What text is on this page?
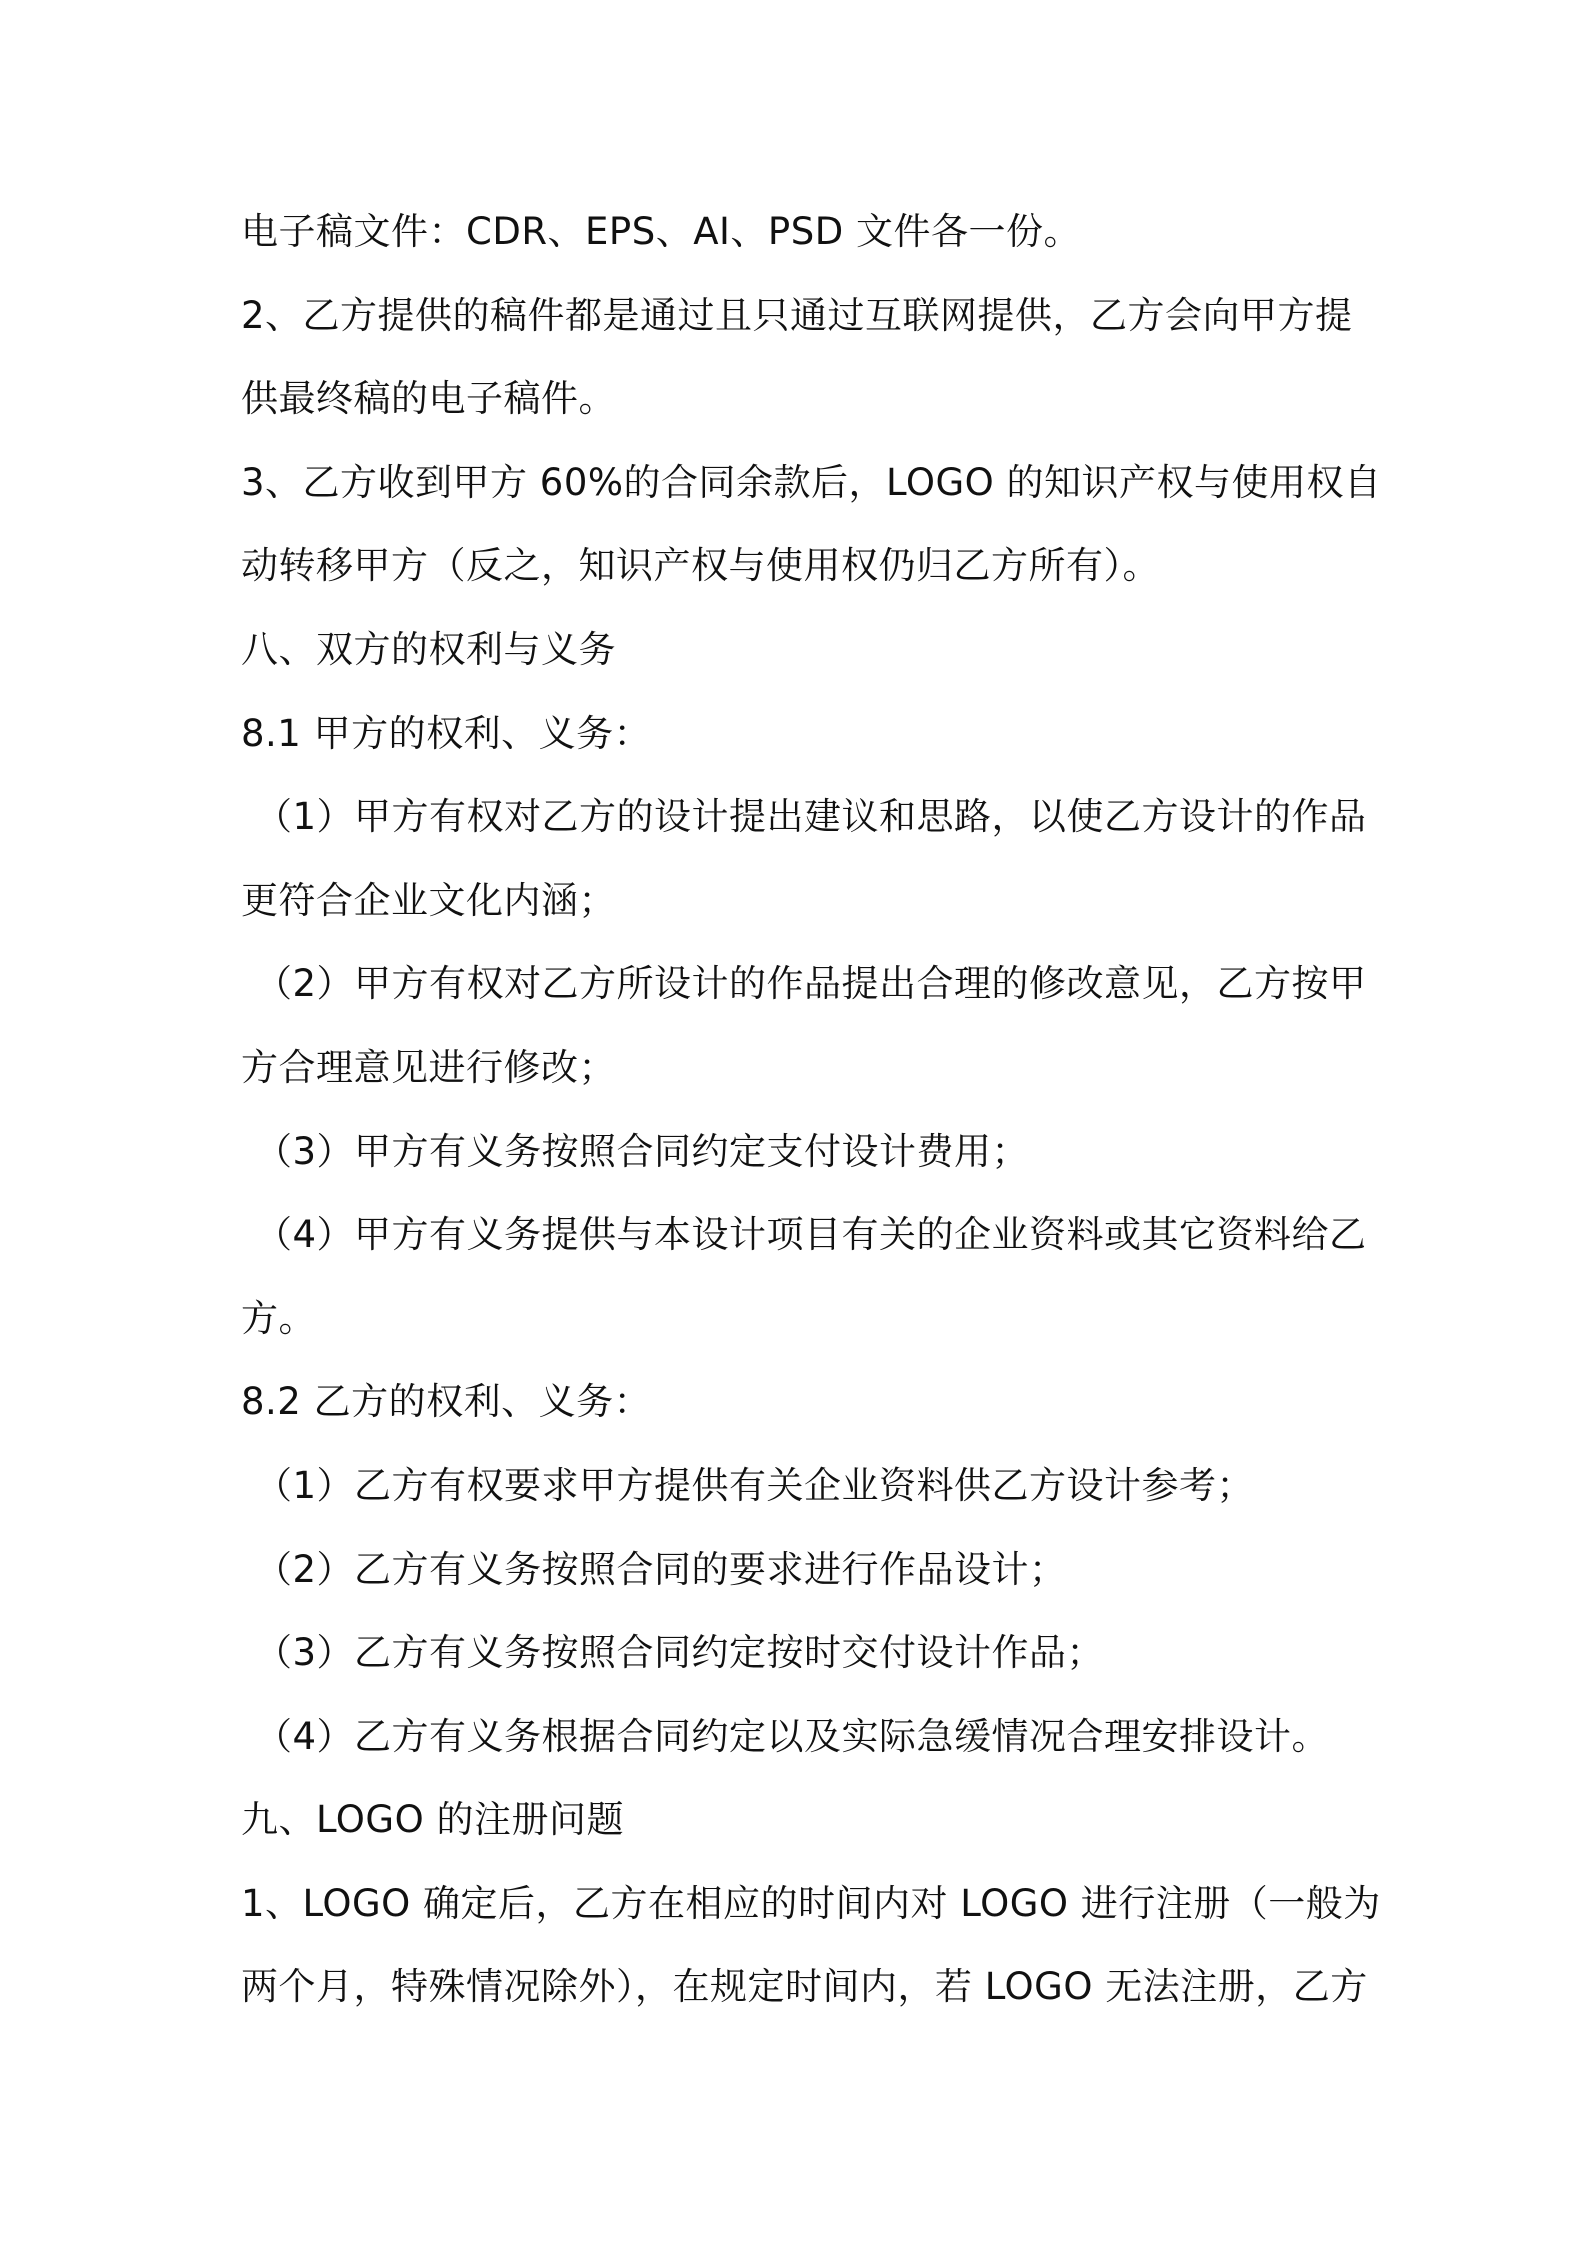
电子稿文件：CDR、EPS、AI、PSD 文件各一份。
2、乙方提供的稿件都是通过且只通过互联网提供，乙方会向甲方提
供最终稿的电子稿件。
3、乙方收到甲方 60%的合同余款后，LOGO 的知识产权与使用权自
动转移甲方（反之，知识产权与使用权仍归乙方所有）。
八、双方的权利与义务
8.1 甲方的权利、义务：
（1）甲方有权对乙方的设计提出建议和思路，以使乙方设计的作品
更符合企业文化内涵；
（2）甲方有权对乙方所设计的作品提出合理的修改意见，乙方按甲
方合理意见进行修改；
（3）甲方有义务按照合同约定支付设计费用；
（4）甲方有义务提供与本设计项目有关的企业资料或其它资料给乙
方。
8.2 乙方的权利、义务：
（1）乙方有权要求甲方提供有关企业资料供乙方设计参考；
（2）乙方有义务按照合同的要求进行作品设计；
（3）乙方有义务按照合同约定按时交付设计作品；
（4）乙方有义务根据合同约定以及实际急缓情况合理安排设计。
九、LOGO 的注册问题
1、LOGO 确定后，乙方在相应的时间内对 LOGO 进行注册（一般为
两个月，特殊情况除外），在规定时间内，若 LOGO 无法注册，乙方
